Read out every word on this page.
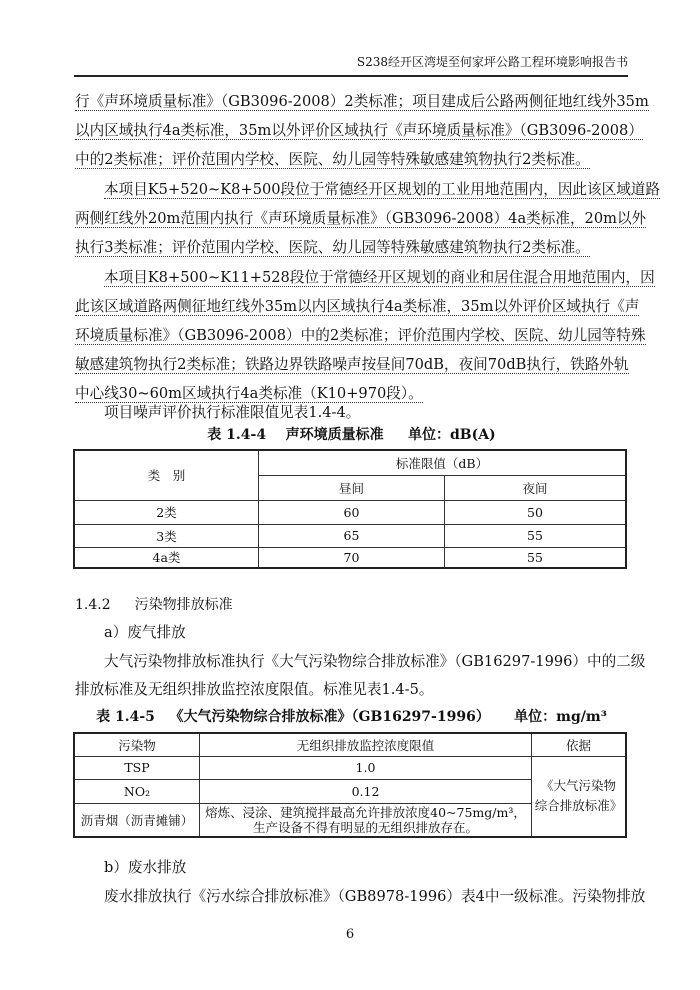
S238经开区湾堤至何家坪公路工程环境影响报告书
行《声环境质量标准》（GB3096-2008）2类标准；项目建成后公路两侧征地红线外35m
以内区域执行4a类标准，35m以外评价区域执行《声环境质量标准》（GB3096-2008）
中的2类标准；评价范围内学校、医院、幼儿园等特殊敏感建筑物执行2类标准。
本项目K5+520~K8+500段位于常德经开区规划的工业用地范围内，因此该区域道路
两侧红线外20m范围内执行《声环境质量标准》（GB3096-2008）4a类标准，20m以外
执行3类标准；评价范围内学校、医院、幼儿园等特殊敏感建筑物执行2类标准。
本项目K8+500~K11+528段位于常德经开区规划的商业和居住混合用地范围内，因
此该区域道路两侧征地红线外35m以内区域执行4a类标准，35m以外评价区域执行《声
环境质量标准》（GB3096-2008）中的2类标准；评价范围内学校、医院、幼儿园等特殊
敏感建筑物执行2类标准；铁路边界铁路噪声按昼间70dB，夜间70dB执行，铁路外轨
中心线30~60m区域执行4a类标准（K10+970段）。
项目噪声评价执行标准限值见表1.4-4。
表 1.4-4    声环境质量标准     单位：dB(A)
类　别	标准限值（dB）	
	昼间	夜间
2类	60	50
3类	65	55
4a类	70	55
1.4.2 污染物排放标准
a）废气排放
大气污染物排放标准执行《大气污染物综合排放标准》（GB16297-1996）中的二级
排放标准及无组织排放监控浓度限值。标准见表1.4-5。
表 1.4-5   《大气污染物综合排放标准》（GB16297-1996）     单位：mg/m³
污染物	无组织排放监控浓度限值	依据
TSP	1.0	《大气污染物
综合排放标准》

NO₂	0.12	
沥青烟（沥青摊铺）	熔炼、浸涂、建筑搅拌最高允许排放浓度40~75mg/m³，
生产设备不得有明显的无组织排放存在。	
b）废水排放
废水排放执行《污水综合排放标准》（GB8978-1996）表4中一级标准。污染物排放
6
